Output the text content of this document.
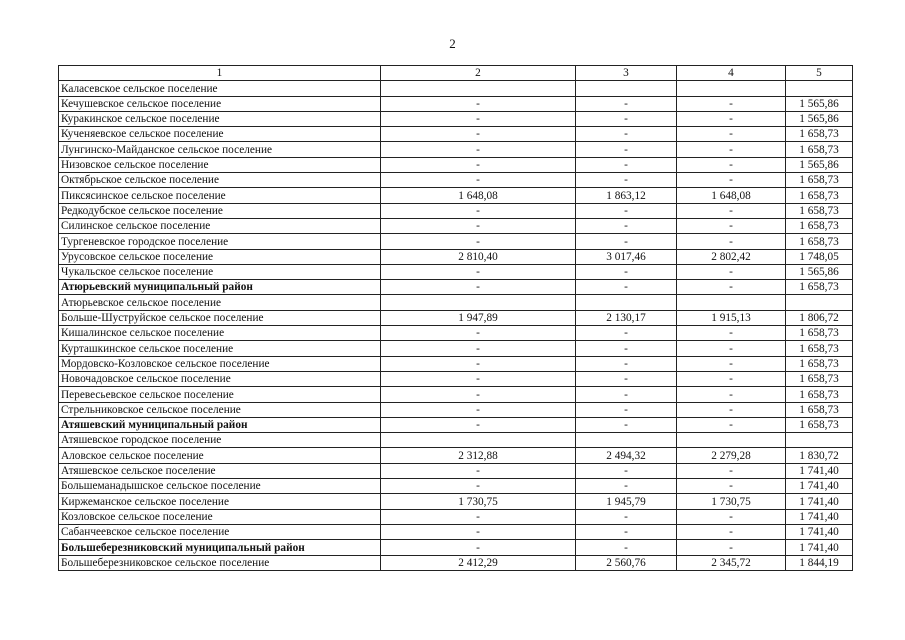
2
1	2	3	4	5
Каласевское сельское поселение				
Кечушевское сельское поселение	-	-	-	1 565,86
Куракинское сельское поселение	-	-	-	1 565,86
Кученяевское сельское поселение	-	-	-	1 658,73
Лунгинско-Майданское сельское поселение	-	-	-	1 658,73
Низовское сельское поселение	-	-	-	1 565,86
Октябрьское сельское поселение	-	-	-	1 658,73
Пиксясинское сельское поселение	1 648,08	1 863,12	1 648,08	1 658,73
Редкодубское сельское поселение	-	-	-	1 658,73
Силинское сельское поселение	-	-	-	1 658,73
Тургеневское городское поселение	-	-	-	1 658,73
Урусовское сельское поселение	2 810,40	3 017,46	2 802,42	1 748,05
Чукальское сельское поселение	-	-	-	1 565,86
Атюрьевский муниципальный район	-	-	-	1 658,73
Атюрьевское сельское поселение				
Больше-Шуструйское сельское поселение	1 947,89	2 130,17	1 915,13	1 806,72
Кишалинское сельское поселение	-	-	-	1 658,73
Курташкинское сельское поселение	-	-	-	1 658,73
Мордовско-Козловское сельское поселение	-	-	-	1 658,73
Новочадовское сельское поселение	-	-	-	1 658,73
Перевесьевское сельское поселение	-	-	-	1 658,73
Стрельниковское сельское поселение	-	-	-	1 658,73
Атяшевский муниципальный район	-	-	-	1 658,73
Атяшевское городское поселение				
Аловское сельское поселение	2 312,88	2 494,32	2 279,28	1 830,72
Атяшевское сельское поселение	-	-	-	1 741,40
Большеманадышское сельское поселение	-	-	-	1 741,40
Киржеманское сельское поселение	1 730,75	1 945,79	1 730,75	1 741,40
Козловское сельское поселение	-	-	-	1 741,40
Сабанчеевское сельское поселение	-	-	-	1 741,40
Большеберезниковский муниципальный район	-	-	-	1 741,40
Большеберезниковское сельское поселение	2 412,29	2 560,76	2 345,72	1 844,19
